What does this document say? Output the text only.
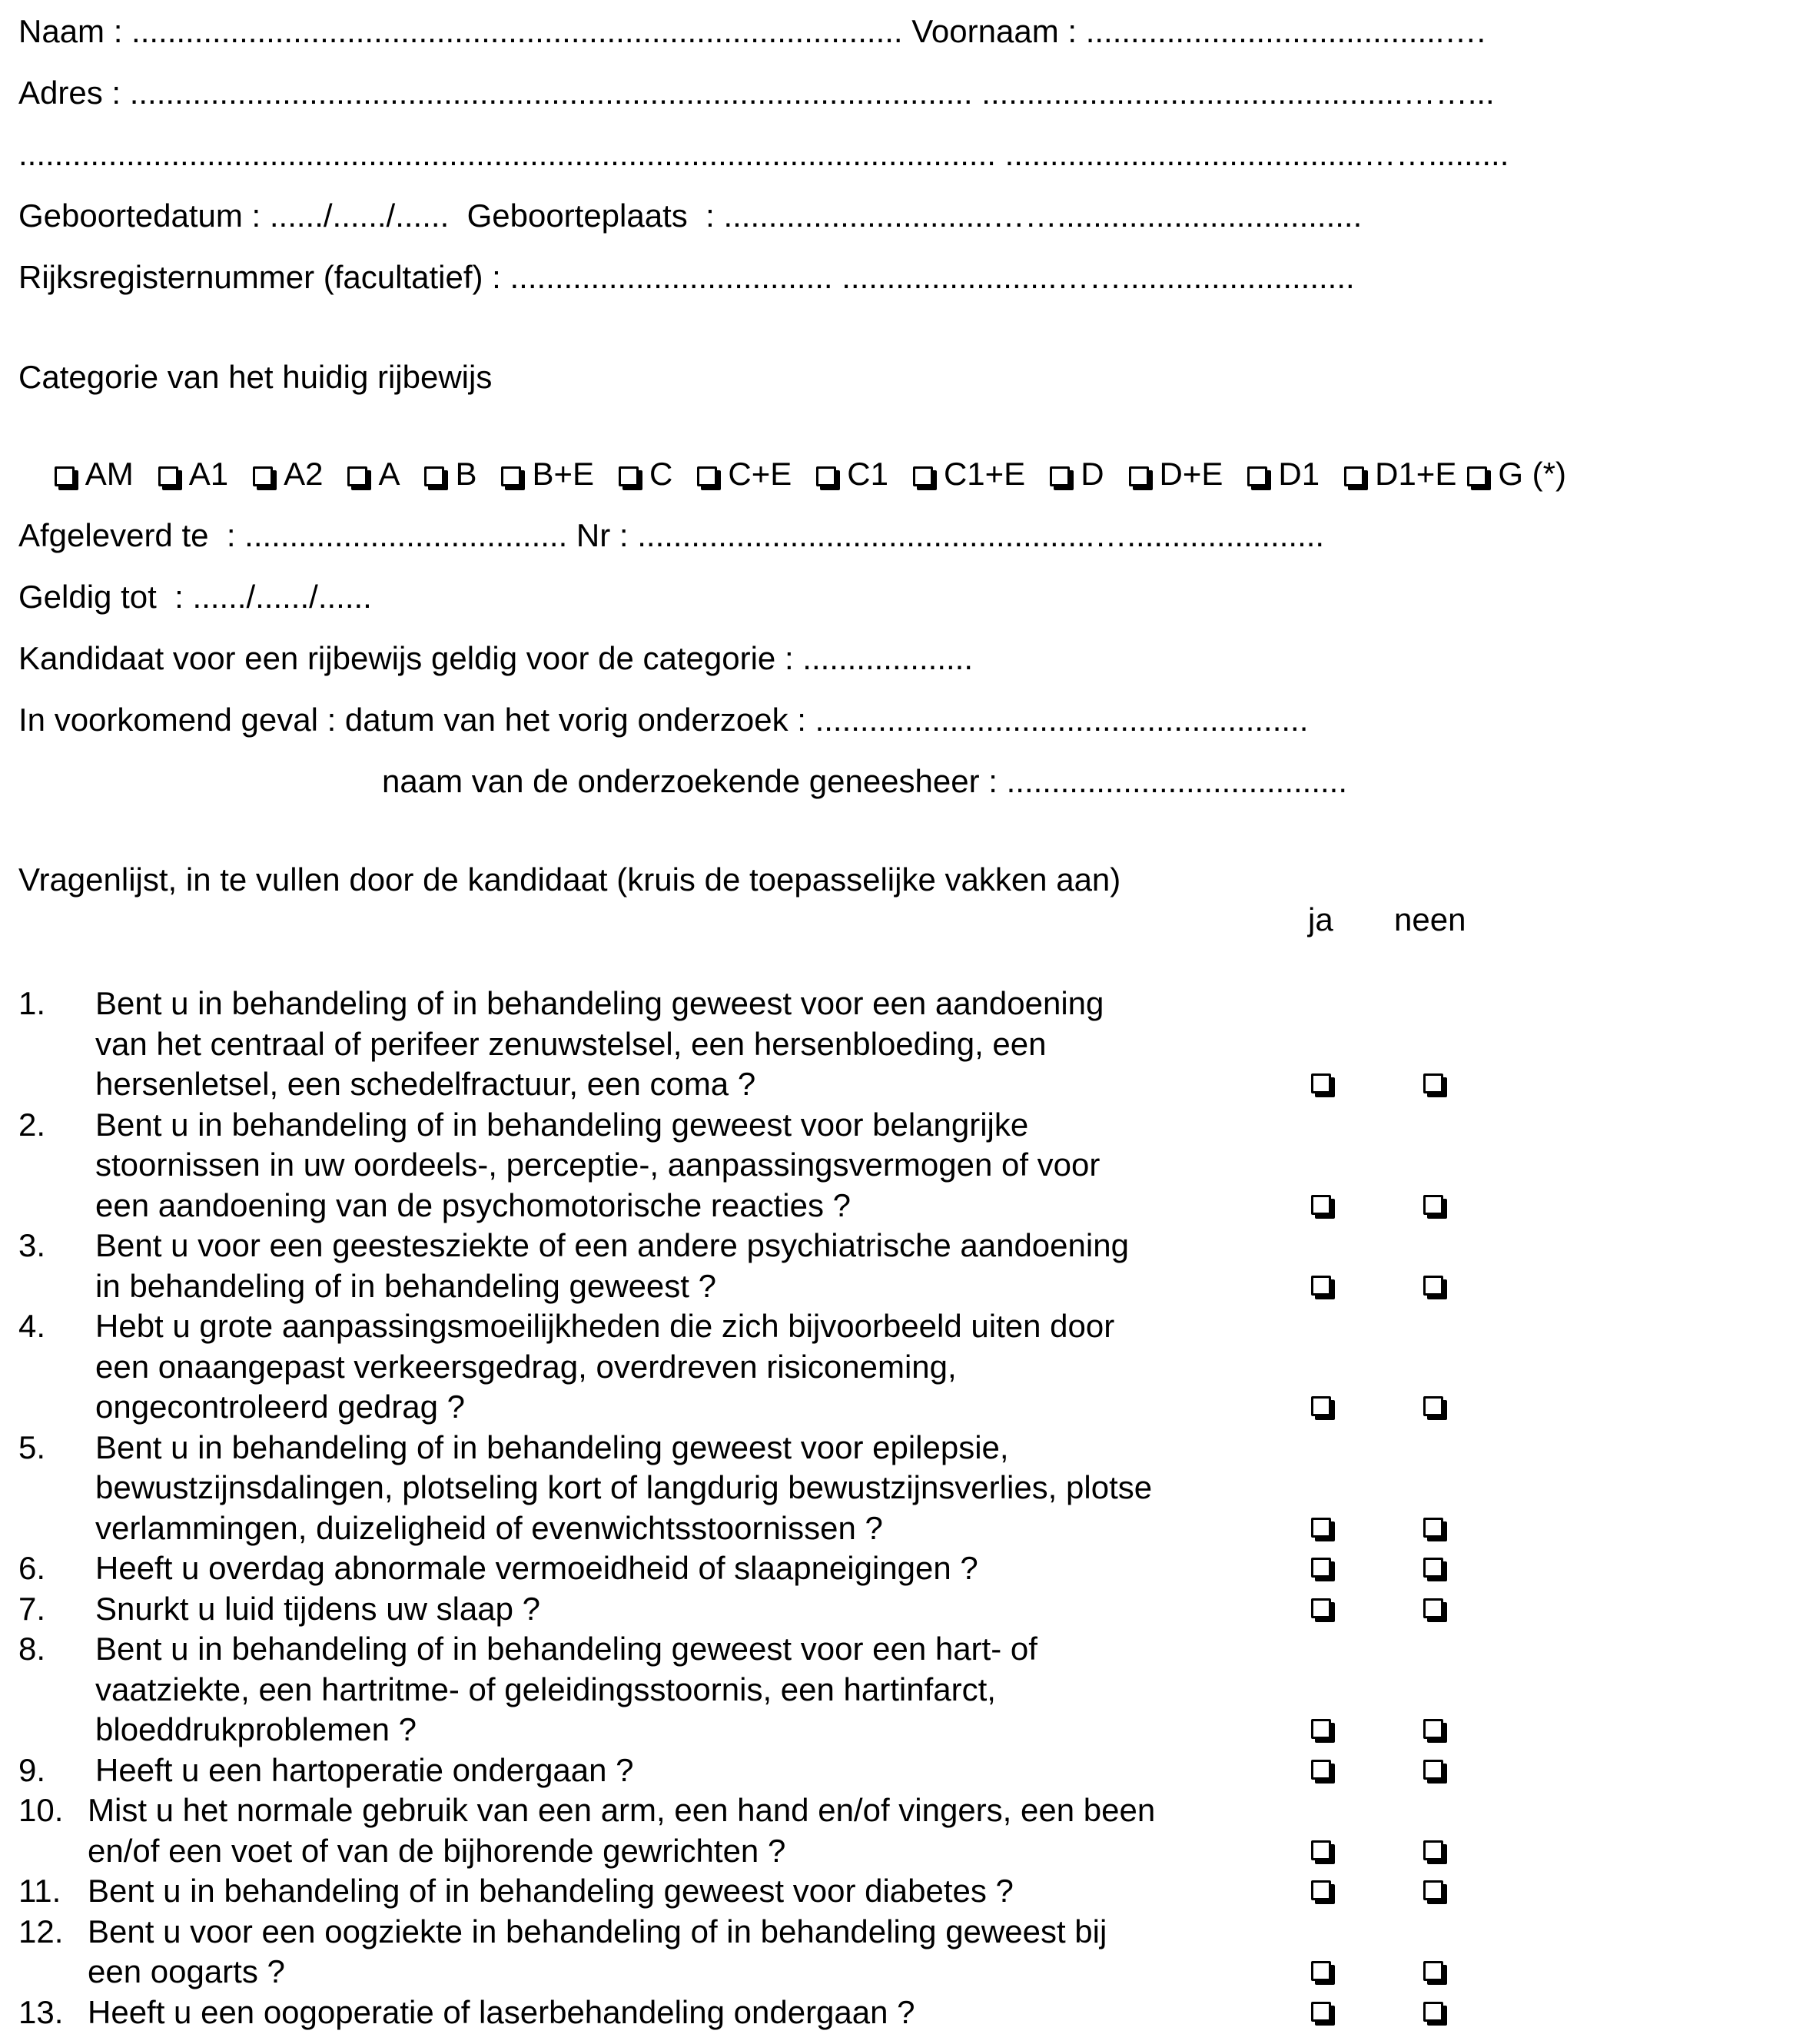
Naam : ...................................................................................... Voornaam : ........................................….
Adres : .............................................................................................. ...............................................……...
............................................................................................................. ........................................…….........
Geboortedatum : ....../....../......  Geboorteplaats  : ..............................……..................................
Rijksregisternummer (facultatief) : .................................... ........................……..........................
Categorie van het huidig rijbewijs

AM A1 A2 A B B+E C C+E C1 C1+E D D+E D1 D1+E G (*)

Afgeleverd te  : .................................... Nr : ...................................................…......................
Geldig tot  : ....../....../......
Kandidaat voor een rijbewijs geldig voor de categorie : ...................
In voorkomend geval : datum van het vorig onderzoek : .......................................................
naam van de onderzoekende geneesheer : ......................................
Vragenlijst, in te vullen door de kandidaat (kruis de toepasselijke vakken aan)
ja neen
1. Bent u in behandeling of in behandeling geweest voor een aandoening
van het centraal of perifeer zenuwstelsel, een hersenbloeding, een
hersenletsel, een schedelfractuur, een coma ?
2. Bent u in behandeling of in behandeling geweest voor belangrijke
stoornissen in uw oordeels-, perceptie-, aanpassingsvermogen of voor
een aandoening van de psychomotorische reacties ?
3. Bent u voor een geestesziekte of een andere psychiatrische aandoening
in behandeling of in behandeling geweest ?
4. Hebt u grote aanpassingsmoeilijkheden die zich bijvoorbeeld uiten door
een onaangepast verkeersgedrag, overdreven risiconeming,
ongecontroleerd gedrag ?
5. Bent u in behandeling of in behandeling geweest voor epilepsie,
bewustzijnsdalingen, plotseling kort of langdurig bewustzijnsverlies, plotse
verlammingen, duizeligheid of evenwichtsstoornissen ?
6. Heeft u overdag abnormale vermoeidheid of slaapneigingen ?
7. Snurkt u luid tijdens uw slaap ?
8. Bent u in behandeling of in behandeling geweest voor een hart- of
vaatziekte, een hartritme- of geleidingsstoornis, een hartinfarct,
bloeddrukproblemen ?
9. Heeft u een hartoperatie ondergaan ?
10. Mist u het normale gebruik van een arm, een hand en/of vingers, een been
en/of een voet of van de bijhorende gewrichten ?
11. Bent u in behandeling of in behandeling geweest voor diabetes ?
12. Bent u voor een oogziekte in behandeling of in behandeling geweest bij
een oogarts ?
13. Heeft u een oogoperatie of laserbehandeling ondergaan ?
